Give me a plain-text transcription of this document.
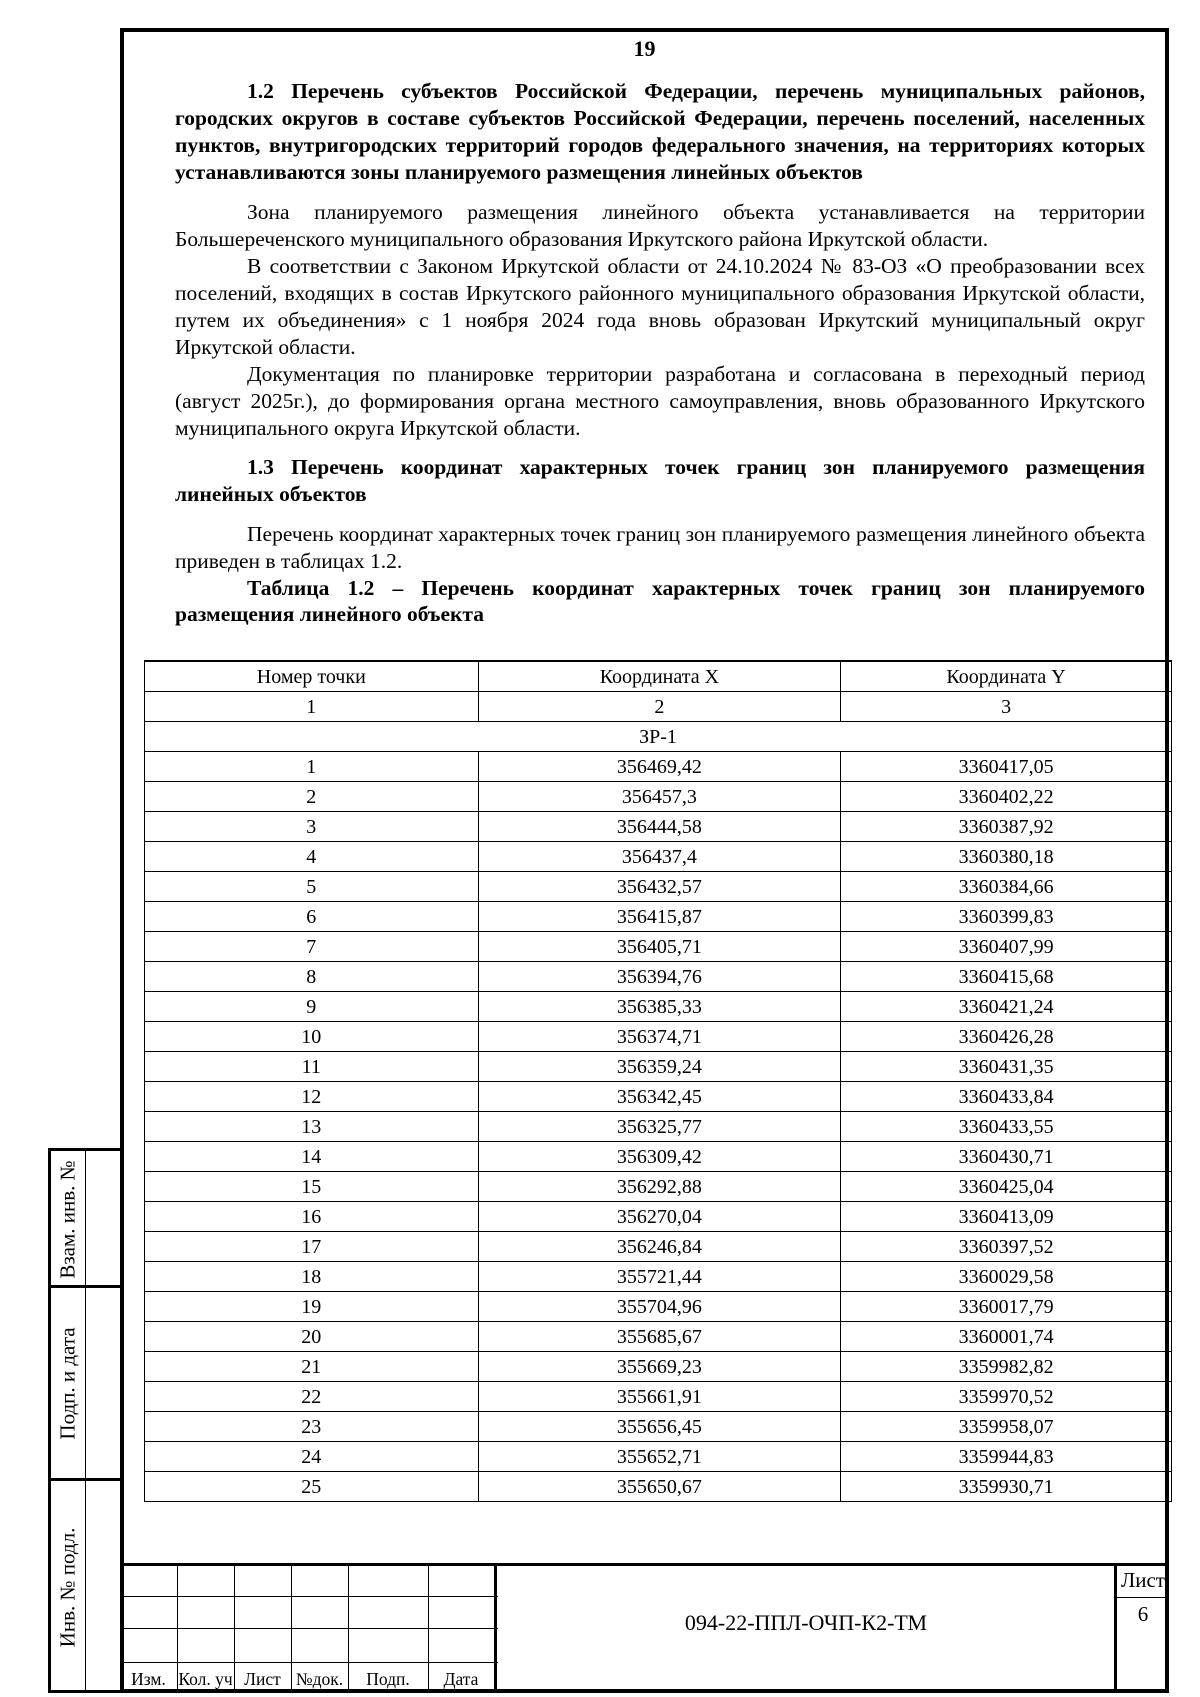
19

1.2 Перечень субъектов Российской Федерации, перечень муниципальных районов, городских округов в составе субъектов Российской Федерации, перечень поселений, населенных пунктов, внутригородских территорий городов федерального значения, на территориях которых устанавливаются зоны планируемого размещения линейных объектов

Зона планируемого размещения линейного объекта устанавливается на территории Большереченского муниципального образования Иркутского района Иркутской области.

В соответствии с Законом Иркутской области от 24.10.2024 № 83-ОЗ «О преобразовании всех поселений, входящих в состав Иркутского районного муниципального образования Иркутской области, путем их объединения» с 1 ноября 2024 года вновь образован Иркутский муниципальный округ Иркутской области.

Документация по планировке территории разработана и согласована в переходный период (август 2025г.), до формирования органа местного самоуправления, вновь образованного Иркутского муниципального округа Иркутской области.

1.3 Перечень координат характерных точек границ зон планируемого размещения линейных объектов

Перечень координат характерных точек границ зон планируемого размещения линейного объекта приведен в таблицах 1.2.

Таблица 1.2 – Перечень координат характерных точек границ зон планируемого размещения линейного объекта

Номер точки	Координата X	Координата Y
1	2	3
ЗР-1		
1	356469,42	3360417,05
2	356457,3	3360402,22
3	356444,58	3360387,92
4	356437,4	3360380,18
5	356432,57	3360384,66
6	356415,87	3360399,83
7	356405,71	3360407,99
8	356394,76	3360415,68
9	356385,33	3360421,24
10	356374,71	3360426,28
11	356359,24	3360431,35
12	356342,45	3360433,84
13	356325,77	3360433,55
14	356309,42	3360430,71
15	356292,88	3360425,04
16	356270,04	3360413,09
17	356246,84	3360397,52
18	355721,44	3360029,58
19	355704,96	3360017,79
20	355685,67	3360001,74
21	355669,23	3359982,82
22	355661,91	3359970,52
23	355656,45	3359958,07
24	355652,71	3359944,83
25	355650,67	3359930,71
Взам. инв. №
Подп. и дата
Инв. № подл.
Изм. Кол. уч Лист №док.	Подп.	Дата
094-22-ППЛ-ОЧП-К2-ТМ
Лист
6
